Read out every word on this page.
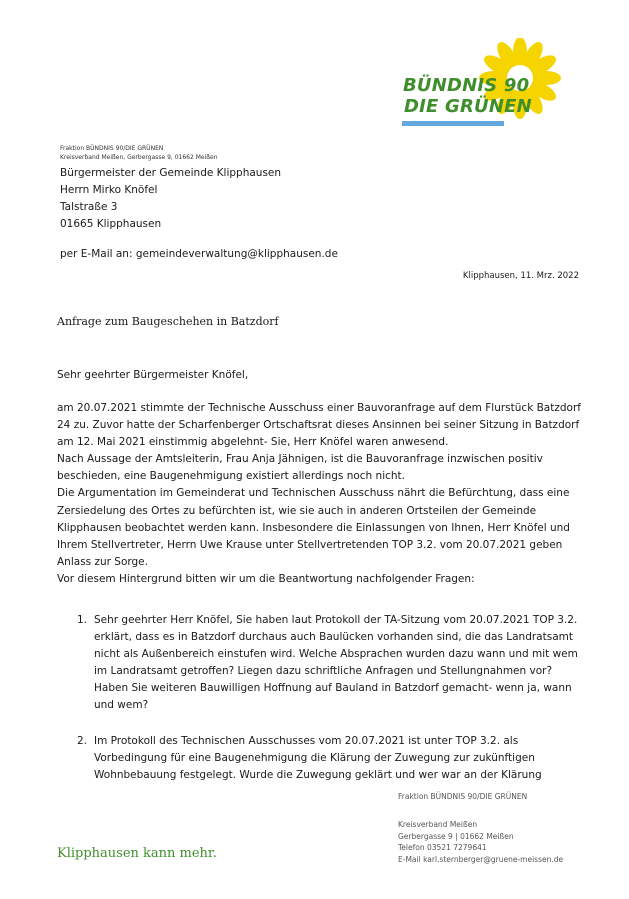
BÜNDNIS 90
DIE GRÜNEN
Fraktion BÜNDNIS 90/DIE GRÜNEN
Kreisverband Meißen, Gerbergasse 9, 01662 Meißen
Bürgermeister der Gemeinde Klipphausen
Herrn Mirko Knöfel
Talstraße 3
01665 Klipphausen
per E-Mail an: gemeindeverwaltung@klipphausen.de
Klipphausen, 11. Mrz. 2022
Anfrage zum Baugeschehen in Batzdorf
Sehr geehrter Bürgermeister Knöfel,
am 20.07.2021 stimmte der Technische Ausschuss einer Bauvoranfrage auf dem Flurstück Batzdorf
24 zu. Zuvor hatte der Scharfenberger Ortschaftsrat dieses Ansinnen bei seiner Sitzung in Batzdorf
am 12. Mai 2021 einstimmig abgelehnt- Sie, Herr Knöfel waren anwesend.
Nach Aussage der Amtsleiterin, Frau Anja Jähnigen, ist die Bauvoranfrage inzwischen positiv
beschieden, eine Baugenehmigung existiert allerdings noch nicht.
Die Argumentation im Gemeinderat und Technischen Ausschuss nährt die Befürchtung, dass eine
Zersiedelung des Ortes zu befürchten ist, wie sie auch in anderen Ortsteilen der Gemeinde
Klipphausen beobachtet werden kann. Insbesondere die Einlassungen von Ihnen, Herr Knöfel und
Ihrem Stellvertreter, Herrn Uwe Krause unter Stellvertretenden TOP 3.2. vom 20.07.2021 geben
Anlass zur Sorge.
Vor diesem Hintergrund bitten wir um die Beantwortung nachfolgender Fragen:
1. Sehr geehrter Herr Knöfel, Sie haben laut Protokoll der TA-Sitzung vom 20.07.2021 TOP 3.2.
erklärt, dass es in Batzdorf durchaus auch Baulücken vorhanden sind, die das Landratsamt
nicht als Außenbereich einstufen wird. Welche Absprachen wurden dazu wann und mit wem
im Landratsamt getroffen? Liegen dazu schriftliche Anfragen und Stellungnahmen vor?
Haben Sie weiteren Bauwilligen Hoffnung auf Bauland in Batzdorf gemacht- wenn ja, wann
und wem?
2. Im Protokoll des Technischen Ausschusses vom 20.07.2021 ist unter TOP 3.2. als
Vorbedingung für eine Baugenehmigung die Klärung der Zuwegung zur zukünftigen
Wohnbebauung festgelegt. Wurde die Zuwegung geklärt und wer war an der Klärung
Fraktion BÜNDNIS 90/DIE GRÜNEN
Kreisverband Meißen
Gerbergasse 9 | 01662 Meißen
Telefon 03521 7279641
E-Mail karl.sternberger@gruene-meissen.de
Klipphausen kann mehr.
